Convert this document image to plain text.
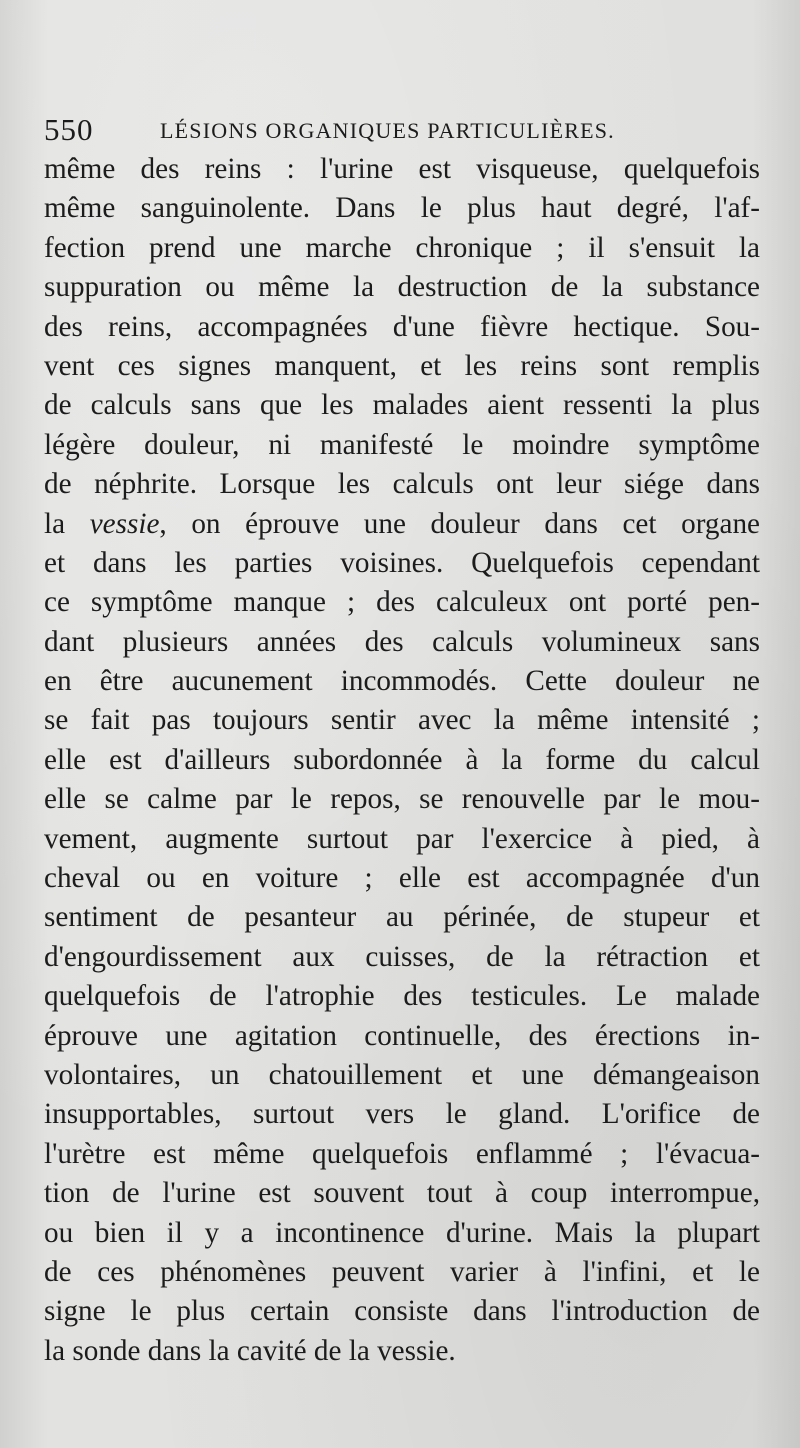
550	LÉSIONS ORGANIQUES PARTICULIÈRES.
même des reins : l'urine est visqueuse, quelquefois
même sanguinolente. Dans le plus haut degré, l'af-
fection prend une marche chronique ; il s'ensuit la
suppuration ou même la destruction de la substance
des reins, accompagnées d'une fièvre hectique. Sou-
vent ces signes manquent, et les reins sont remplis
de calculs sans que les malades aient ressenti la plus
légère douleur, ni manifesté le moindre symptôme
de néphrite. Lorsque les calculs ont leur siége dans
la vessie, on éprouve une douleur dans cet organe
et dans les parties voisines. Quelquefois cependant
ce symptôme manque ; des calculeux ont porté pen-
dant plusieurs années des calculs volumineux sans
en être aucunement incommodés. Cette douleur ne
se fait pas toujours sentir avec la même intensité ;
elle est d'ailleurs subordonnée à la forme du calcul
elle se calme par le repos, se renouvelle par le mou-
vement, augmente surtout par l'exercice à pied, à
cheval ou en voiture ; elle est accompagnée d'un
sentiment de pesanteur au périnée, de stupeur et
d'engourdissement aux cuisses, de la rétraction et
quelquefois de l'atrophie des testicules. Le malade
éprouve une agitation continuelle, des érections in-
volontaires, un chatouillement et une démangeaison
insupportables, surtout vers le gland. L'orifice de
l'urètre est même quelquefois enflammé ; l'évacua-
tion de l'urine est souvent tout à coup interrompue,
ou bien il y a incontinence d'urine. Mais la plupart
de ces phénomènes peuvent varier à l'infini, et le
signe le plus certain consiste dans l'introduction de
la sonde dans la cavité de la vessie.
